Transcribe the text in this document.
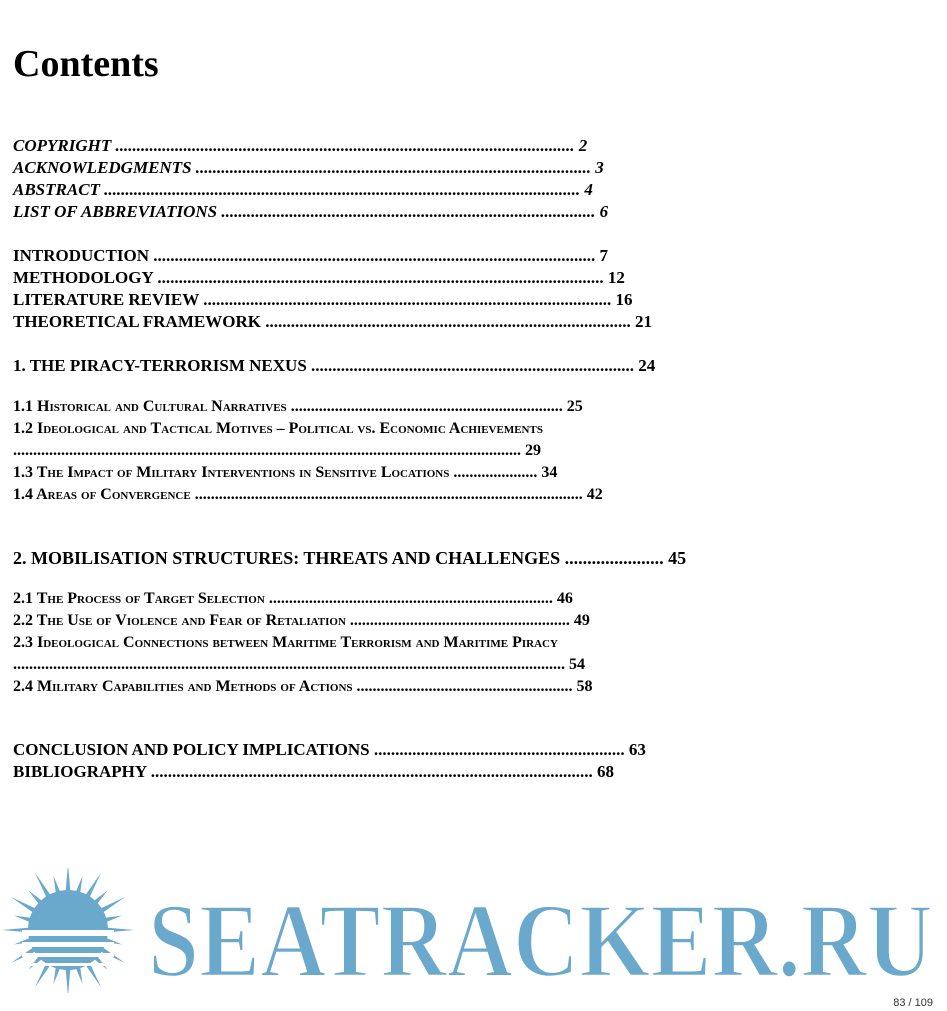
Contents
COPYRIGHT ............................................................................................................ 2
ACKNOWLEDGMENTS ............................................................................................. 3
ABSTRACT ................................................................................................................ 4
LIST OF ABBREVIATIONS ........................................................................................ 6
INTRODUCTION ........................................................................................................ 7
METHODOLOGY ......................................................................................................... 12
LITERATURE REVIEW ................................................................................................ 16
THEORETICAL FRAMEWORK ...................................................................................... 21
1. THE PIRACY-TERRORISM NEXUS ............................................................................ 24
1.1 Historical and Cultural Narratives .................................................................... 25
1.2 Ideological and Tactical Motives – Political vs. Economic Achievements
............................................................................................................................... 29
1.3 The Impact of Military Interventions in Sensitive Locations ..................... 34
1.4 Areas of Convergence ................................................................................................. 42
2. MOBILISATION STRUCTURES: THREATS AND CHALLENGES ...................... 45
2.1 The Process of Target Selection ....................................................................... 46
2.2 The Use of Violence and Fear of Retaliation ....................................................... 49
2.3 Ideological Connections between Maritime Terrorism and Maritime Piracy
.......................................................................................................................................... 54
2.4 Military Capabilities and Methods of Actions ...................................................... 58
CONCLUSION AND POLICY IMPLICATIONS ........................................................... 63
BIBLIOGRAPHY ........................................................................................................ 68
SEATRACKER.RU
83 / 109
